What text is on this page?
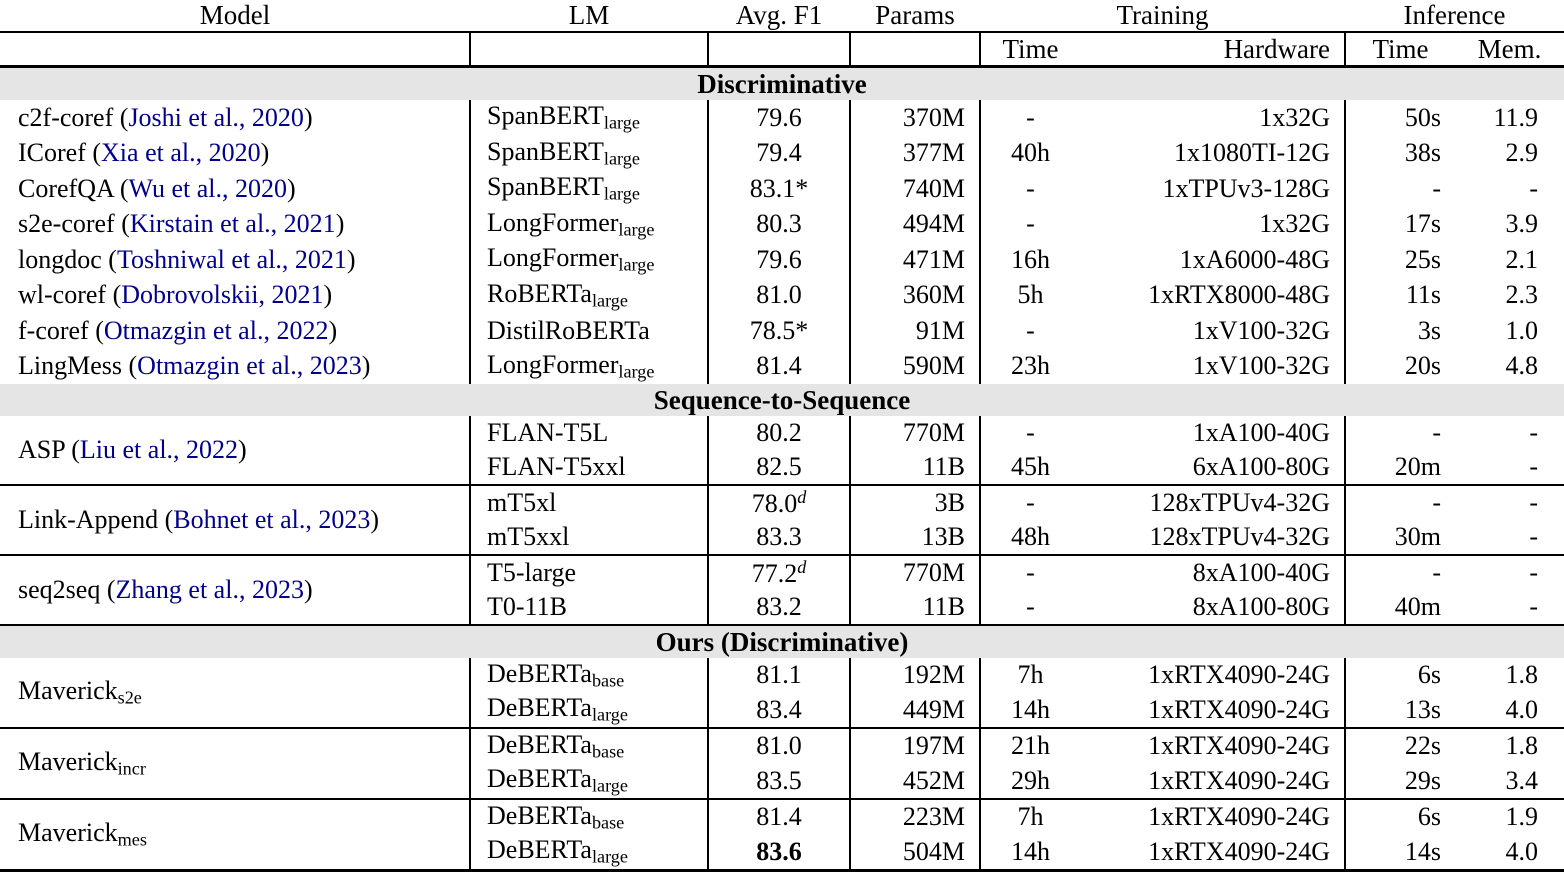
Model	LM	Avg. F1	Params	Training		Inference	
				Time	Hardware	Time	Mem.
Discriminative							
c2f-coref (Joshi et al., 2020)	SpanBERTlarge	79.6	370M	-	1x32G	50s	11.9
ICoref (Xia et al., 2020)	SpanBERTlarge	79.4	377M	40h	1x1080TI-12G	38s	2.9
CorefQA (Wu et al., 2020)	SpanBERTlarge	83.1*	740M	-	1xTPUv3-128G	-	-
s2e-coref (Kirstain et al., 2021)	LongFormerlarge	80.3	494M	-	1x32G	17s	3.9
longdoc (Toshniwal et al., 2021)	LongFormerlarge	79.6	471M	16h	1xA6000-48G	25s	2.1
wl-coref (Dobrovolskii, 2021)	RoBERTalarge	81.0	360M	5h	1xRTX8000-48G	11s	2.3
f-coref (Otmazgin et al., 2022)	DistilRoBERTa	78.5*	91M	-	1xV100-32G	3s	1.0
LingMess (Otmazgin et al., 2023)	LongFormerlarge	81.4	590M	23h	1xV100-32G	20s	4.8
Sequence-to-Sequence							
ASP (Liu et al., 2022)	FLAN-T5L	80.2	770M	-	1xA100-40G	-	-
	FLAN-T5xxl	82.5	11B	45h	6xA100-80G	20m	-
Link-Append (Bohnet et al., 2023)	mT5xl	78.0$^d$	3B	-	128xTPUv4-32G	-	-
	mT5xxl	83.3	13B	48h	128xTPUv4-32G	30m	-
seq2seq (Zhang et al., 2023)	T5-large	77.2$^d$	770M	-	8xA100-40G	-	-
	T0-11B	83.2	11B	-	8xA100-80G	40m	-
Ours (Discriminative)							
Mavericks2e	DeBERTabase	81.1	192M	7h	1xRTX4090-24G	6s	1.8
	DeBERTalarge	83.4	449M	14h	1xRTX4090-24G	13s	4.0
Maverickincr	DeBERTabase	81.0	197M	21h	1xRTX4090-24G	22s	1.8
	DeBERTalarge	83.5	452M	29h	1xRTX4090-24G	29s	3.4
Maverickmes	DeBERTabase	81.4	223M	7h	1xRTX4090-24G	6s	1.9
	DeBERTalarge	83.6	504M	14h	1xRTX4090-24G	14s	4.0
